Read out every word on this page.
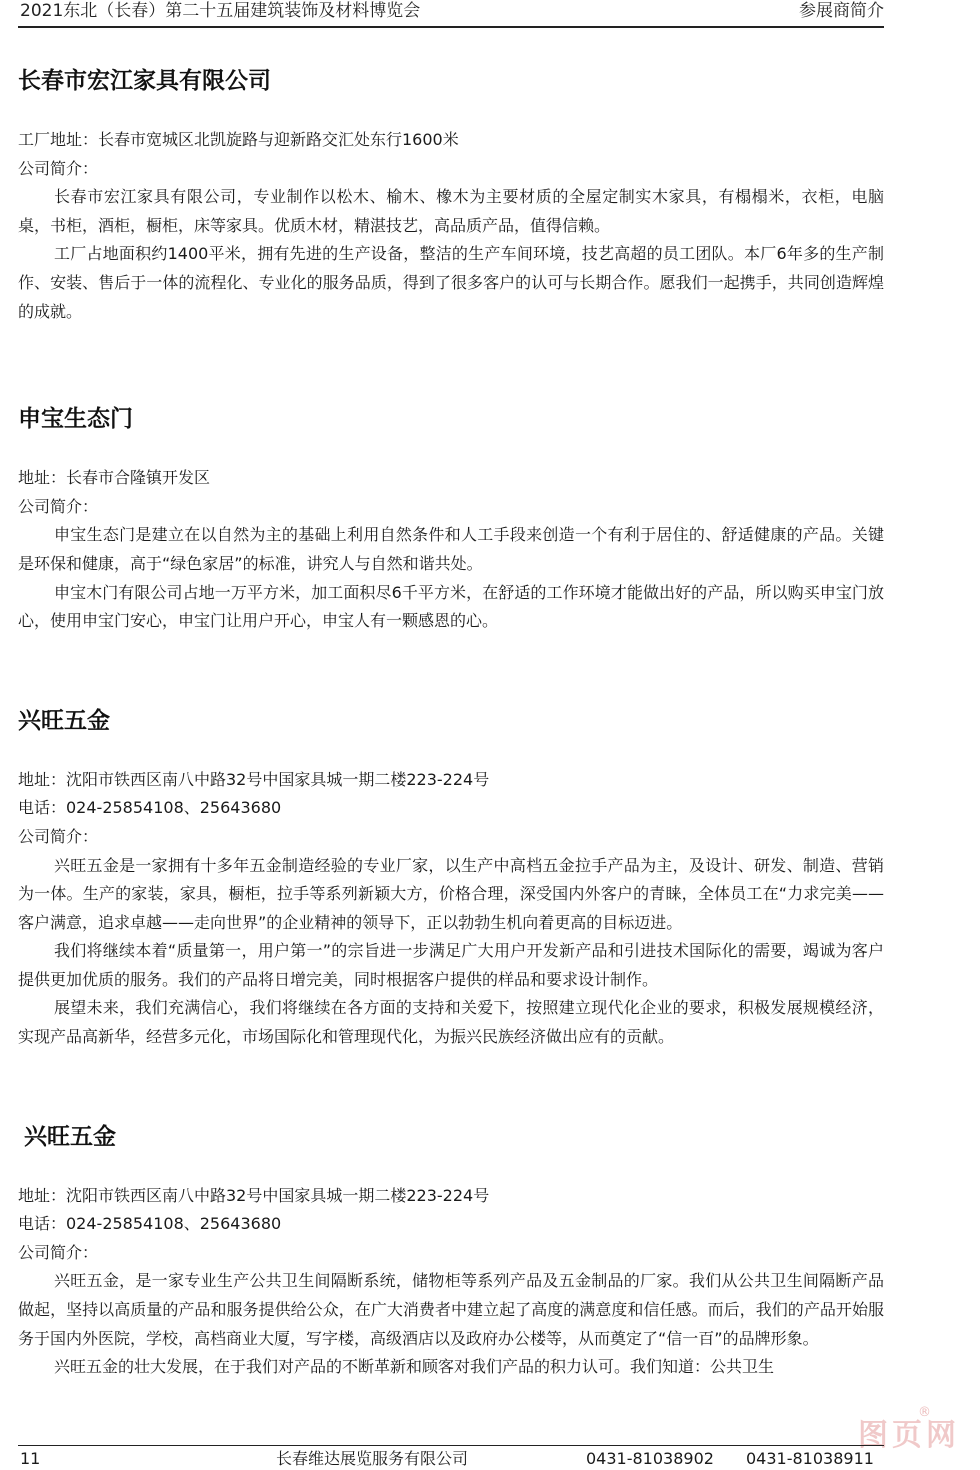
2021东北（长春）第二十五届建筑装饰及材料博览会	参展商简介
长春市宏江家具有限公司

工厂地址：长春市宽城区北凯旋路与迎新路交汇处东行1600米

公司简介：

长春市宏江家具有限公司，专业制作以松木、榆木、橡木为主要材质的全屋定制实木家具，有榻榻米，衣柜，电脑桌，书柜，酒柜，橱柜，床等家具。优质木材，精湛技艺，高品质产品，值得信赖。

工厂占地面积约1400平米，拥有先进的生产设备，整洁的生产车间环境，技艺高超的员工团队。本厂6年多的生产制作、安装、售后于一体的流程化、专业化的服务品质，得到了很多客户的认可与长期合作。愿我们一起携手，共同创造辉煌的成就。

申宝生态门

地址：长春市合隆镇开发区

公司简介：

申宝生态门是建立在以自然为主的基础上利用自然条件和人工手段来创造一个有利于居住的、舒适健康的产品。关键是环保和健康，高于“绿色家居”的标准，讲究人与自然和谐共处。

申宝木门有限公司占地一万平方米，加工面积尽6千平方米，在舒适的工作环境才能做出好的产品，所以购买申宝门放心，使用申宝门安心，申宝门让用户开心，申宝人有一颗感恩的心。

兴旺五金

地址：沈阳市铁西区南八中路32号中国家具城一期二楼223-224号

电话：024-25854108、25643680

公司简介：

兴旺五金是一家拥有十多年五金制造经验的专业厂家，以生产中高档五金拉手产品为主，及设计、研发、制造、营销为一体。生产的家装，家具，橱柜，拉手等系列新颖大方，价格合理，深受国内外客户的青睐，全体员工在“力求完美——客户满意，追求卓越——走向世界”的企业精神的领导下，正以勃勃生机向着更高的目标迈进。

我们将继续本着“质量第一，用户第一”的宗旨进一步满足广大用户开发新产品和引进技术国际化的需要，竭诚为客户提供更加优质的服务。我们的产品将日增完美，同时根据客户提供的样品和要求设计制作。

展望未来，我们充满信心，我们将继续在各方面的支持和关爱下，按照建立现代化企业的要求，积极发展规模经济，实现产品高新华，经营多元化，市场国际化和管理现代化，为振兴民族经济做出应有的贡献。

兴旺五金

地址：沈阳市铁西区南八中路32号中国家具城一期二楼223-224号

电话：024-25854108、25643680

公司简介：

兴旺五金，是一家专业生产公共卫生间隔断系统，储物柜等系列产品及五金制品的厂家。我们从公共卫生间隔断产品做起，坚持以高质量的产品和服务提供给公众，在广大消费者中建立起了高度的满意度和信任感。而后，我们的产品开始服务于国内外医院，学校，高档商业大厦，写字楼，高级酒店以及政府办公楼等，从而奠定了“信一百”的品牌形象。

兴旺五金的壮大发展，在于我们对产品的不断革新和顾客对我们产品的积力认可。我们知道：公共卫生

图页网
®
11	长春维达展览服务有限公司	0431-81038902 0431-81038911
